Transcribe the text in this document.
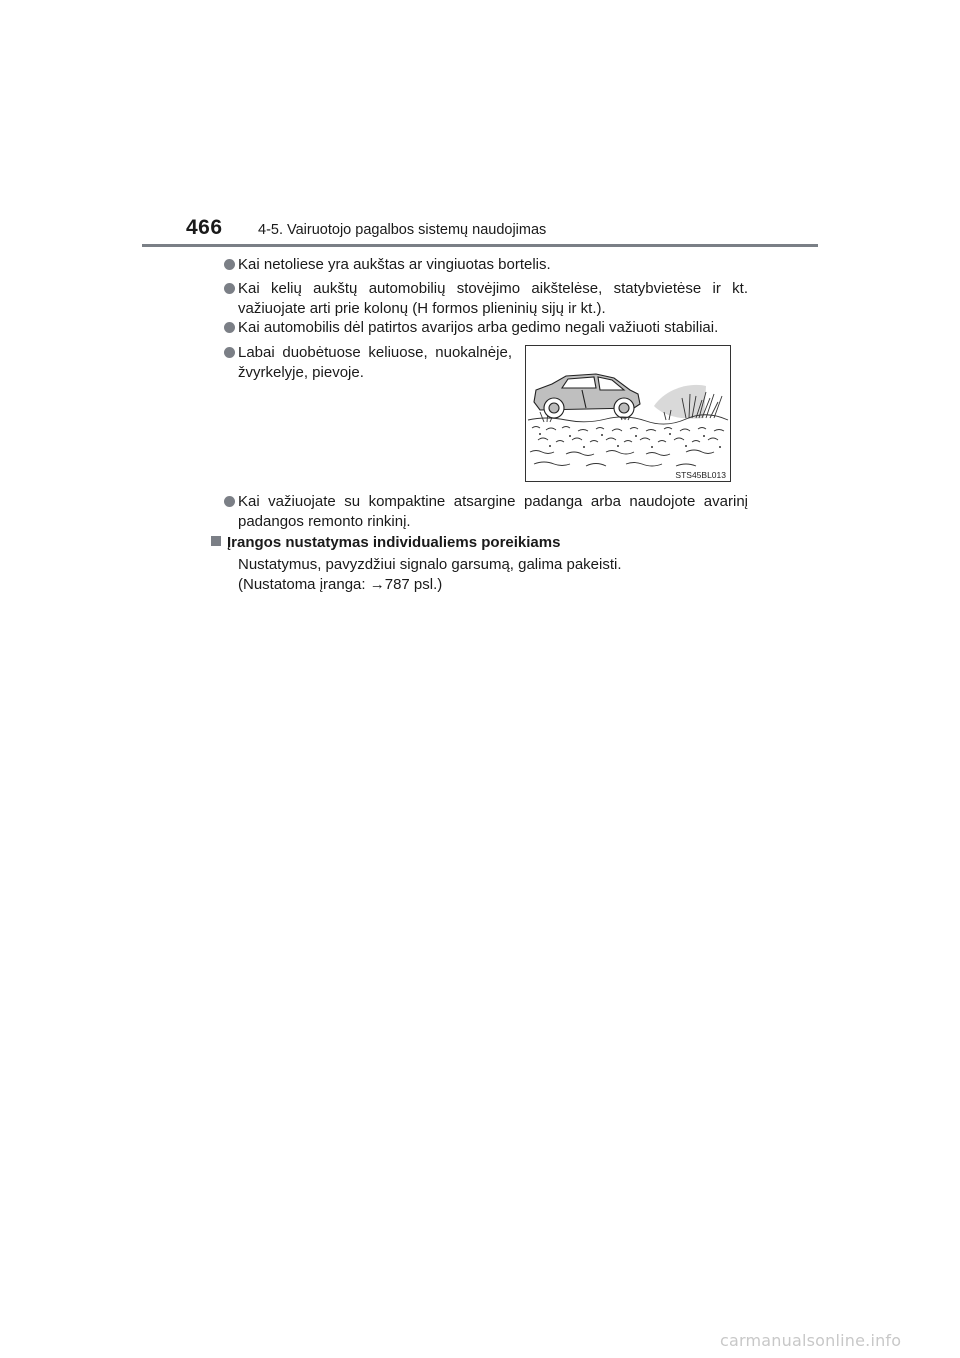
466 4-5. Vairuotojo pagalbos sistemų naudojimas
Kai netoliese yra aukštas ar vingiuotas bortelis.
Kai kelių aukštų automobilių stovėjimo aikštelėse, statybvietėse ir kt. važiuojate arti prie kolonų (H formos plieninių sijų ir kt.).
Kai automobilis dėl patirtos avarijos arba gedimo negali važiuoti stabiliai.
Labai duobėtuose keliuose, nuokalnėje, žvyrkelyje, pievoje.
STS45BL013
Kai važiuojate su kompaktine atsargine padanga arba naudojote avarinį padangos remonto rinkinį.
Įrangos nustatymas individualiems poreikiams
Nustatymus, pavyzdžiui signalo garsumą, galima pakeisti.
(Nustatoma įranga: →787 psl.)
carmanualsonline.info
